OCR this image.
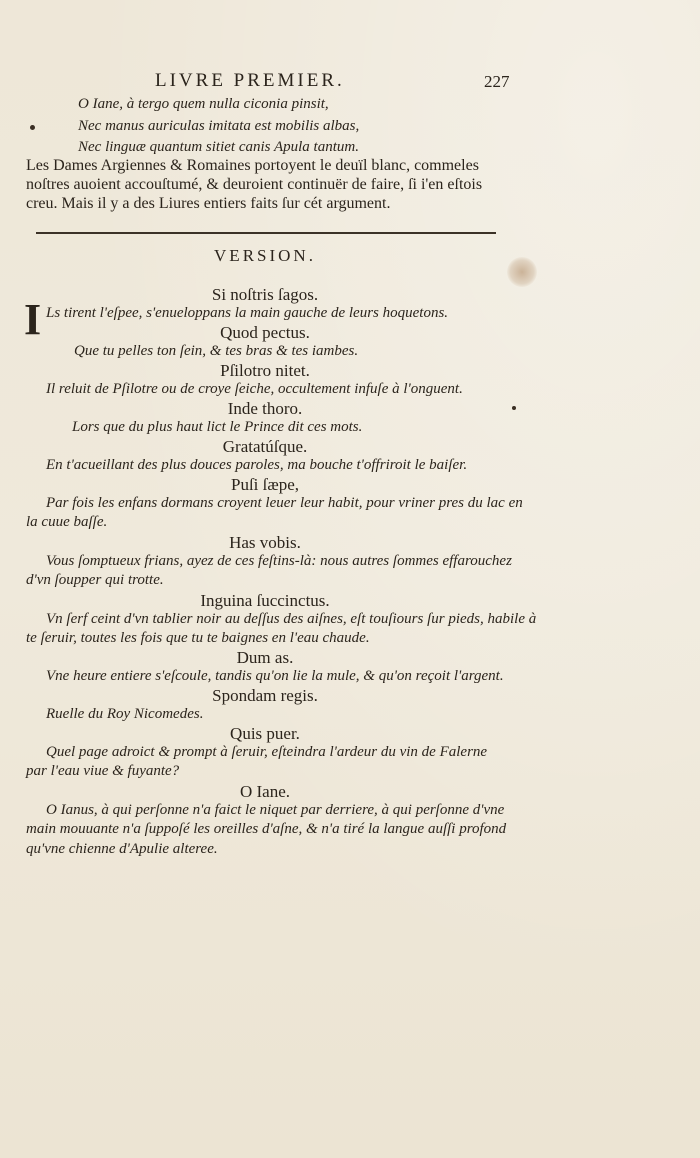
LIVRE PREMIER.	227
O Iane, à tergo quem nulla ciconia pinsit,
Nec manus auriculas imitata est mobilis albas,
Nec linguæ quantum sitiet canis Apula tantum.
Les Dames Argiennes & Romaines portoyent le deuïl blanc, commeles
noſtres auoient accouſtumé, & deuroient continuër de faire, ſi i'en eſtois
creu. Mais il y a des Liures entiers faits ſur cét argument.
VERSION.
I
Si noſtris ſagos.
Ls tirent l'eſpee, s'enueloppans la main gauche de leurs hoquetons.
Quod pectus.
Que tu pelles ton ſein, & tes bras & tes iambes.
Pſilotro nitet.
Il reluit de Pſilotre ou de croye ſeiche, occultement infuſe à l'onguent.
Inde thoro.
Lors que du plus haut lict le Prince dit ces mots.
Gratatúſque.
En t'acueillant des plus douces paroles, ma bouche t'offriroit le baiſer.
Puſi ſæpe,
Par fois les enfans dormans croyent leuer leur habit, pour vriner pres du lac en
la cuue baſſe.
Has vobis.
Vous ſomptueux frians, ayez de ces feſtins-là: nous autres ſommes effarouchez
d'vn ſoupper qui trotte.
Inguina ſuccinctus.
Vn ſerf ceint d'vn tablier noir au deſſus des aiſnes, eſt touſiours ſur pieds, habile à
te ſeruir, toutes les fois que tu te baignes en l'eau chaude.
Dum as.
Vne heure entiere s'eſcoule, tandis qu'on lie la mule, & qu'on reçoit l'argent.
Spondam regis.
Ruelle du Roy Nicomedes.
Quis puer.
Quel page adroict & prompt à ſeruir, eſteindra l'ardeur du vin de Falerne
par l'eau viue & fuyante?
O Iane.
O Ianus, à qui perſonne n'a faict le niquet par derriere, à qui perſonne d'vne
main mouuante n'a ſuppoſé les oreilles d'aſne, & n'a tiré la langue auſſi profond
qu'vne chienne d'Apulie alteree.
